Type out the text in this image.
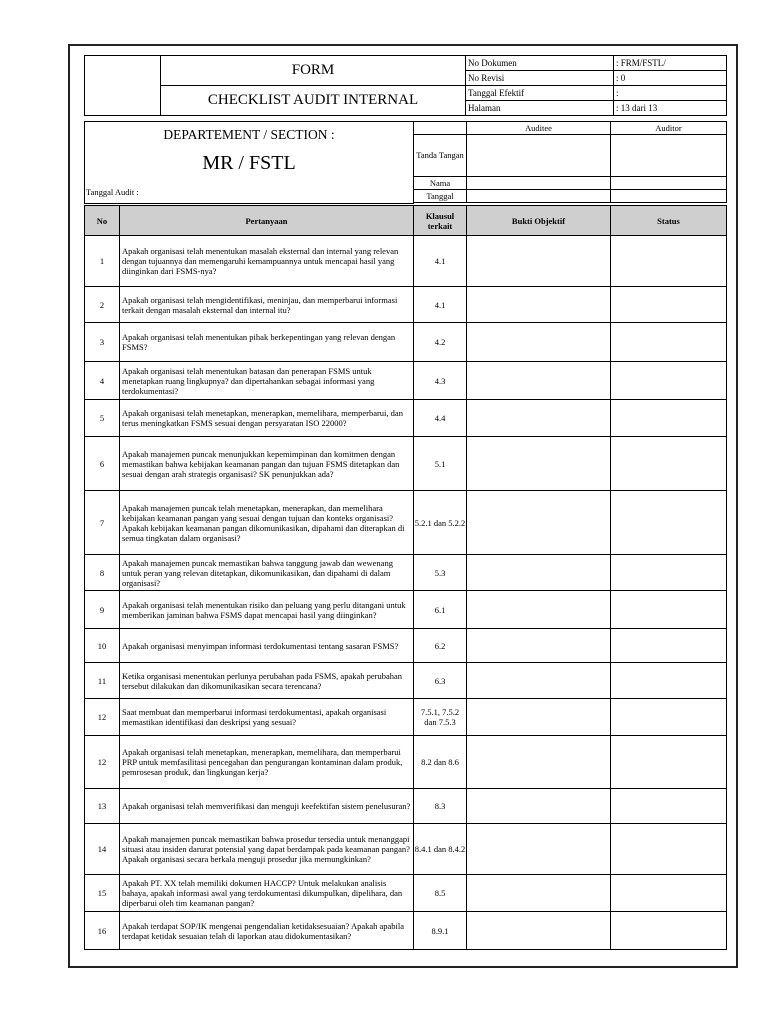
	FORM	No Dokumen	: FRM/FSTL/
		No Revisi	: 0
	CHECKLIST AUDIT INTERNAL	Tanggal Efektif	:
		Halaman	: 13 dari 13
DEPARTEMENT / SECTION :
MR / FSTL
Tanggal Audit :		Auditee	Auditor
	Tanda Tangan		
	Nama		
	Tanggal		

No	Pertanyaan	Klausul terkait	Bukti Objektif	Status
1	Apakah organisasi telah menentukan masalah eksternal dan internal yang relevan dengan tujuannya dan memengaruhi kemampuannya untuk mencapai hasil yang diinginkan dari FSMS-nya?	4.1		
2	Apakah organisasi telah mengidentifikasi, meninjau, dan memperbarui informasi terkait dengan masalah eksternal dan internal itu?	4.1		
3	Apakah organisasi telah menentukan pihak berkepentingan yang relevan dengan FSMS?	4.2		
4	Apakah organisasi telah menentukan batasan dan penerapan FSMS untuk menetapkan ruang lingkupnya? dan dipertahankan sebagai informasi yang terdokumentasi?	4.3		
5	Apakah organisasi telah menetapkan, menerapkan, memelihara, memperbarui, dan terus meningkatkan FSMS sesuai dengan persyaratan ISO 22000?	4.4		
6	Apakah manajemen puncak menunjukkan kepemimpinan dan komitmen dengan memastikan bahwa kebijakan keamanan pangan dan tujuan FSMS ditetapkan dan sesuai dengan arah strategis organisasi? SK penunjukkan ada?	5.1		
7	Apakah manajemen puncak telah menetapkan, menerapkan, dan memelihara kebijakan keamanan pangan yang sesuai dengan tujuan dan konteks organisasi? Apakah kebijakan keamanan pangan dikomunikasikan, dipahami dan diterapkan di semua tingkatan dalam organisasi?	5.2.1 dan 5.2.2		
8	Apakah manajemen puncak memastikan bahwa tanggung jawab dan wewenang untuk peran yang relevan ditetapkan, dikomunikasikan, dan dipahami di dalam organisasi?	5.3		
9	Apakah organisasi telah menentukan risiko dan peluang yang perlu ditangani untuk memberikan jaminan bahwa FSMS dapat mencapai hasil yang diinginkan?	6.1		
10	Apakah organisasi menyimpan informasi terdokumentasi tentang sasaran FSMS?	6.2		
11	Ketika organisasi menentukan perlunya perubahan pada FSMS, apakah perubahan tersebut dilakukan dan dikomunikasikan secara terencana?	6.3		
12	Saat membuat dan memperbarui informasi terdokumentasi, apakah organisasi memastikan identifikasi dan deskripsi yang sesuai?	7.5.1, 7.5.2 dan 7.5.3		
12	Apakah organisasi telah menetapkan, menerapkan, memelihara, dan memperbarui PRP untuk memfasilitasi pencegahan dan pengurangan kontaminan dalam produk, pemrosesan produk, dan lingkungan kerja?	8.2 dan 8.6		
13	Apakah organisasi telah memverifikasi dan menguji keefektifan sistem penelusuran?	8.3		
14	Apakah manajemen puncak memastikan bahwa prosedur tersedia untuk menanggapi situasi atau insiden darurat potensial yang dapat berdampak pada keamanan pangan? Apakah organisasi secara berkala menguji prosedur jika memungkinkan?	8.4.1 dan 8.4.2		
15	Apakah PT. XX telah memiliki dokumen HACCP? Untuk melakukan analisis bahaya, apakah informasi awal yang terdokumentasi dikumpulkan, dipelihara, dan diperbarui oleh tim keamanan pangan?	8.5		
16	Apakah terdapat SOP/IK mengenai pengendalian ketidaksesuaian? Apakah apabila terdapat ketidak sesuaian telah di laporkan atau didokumentasikan?	8.9.1		
